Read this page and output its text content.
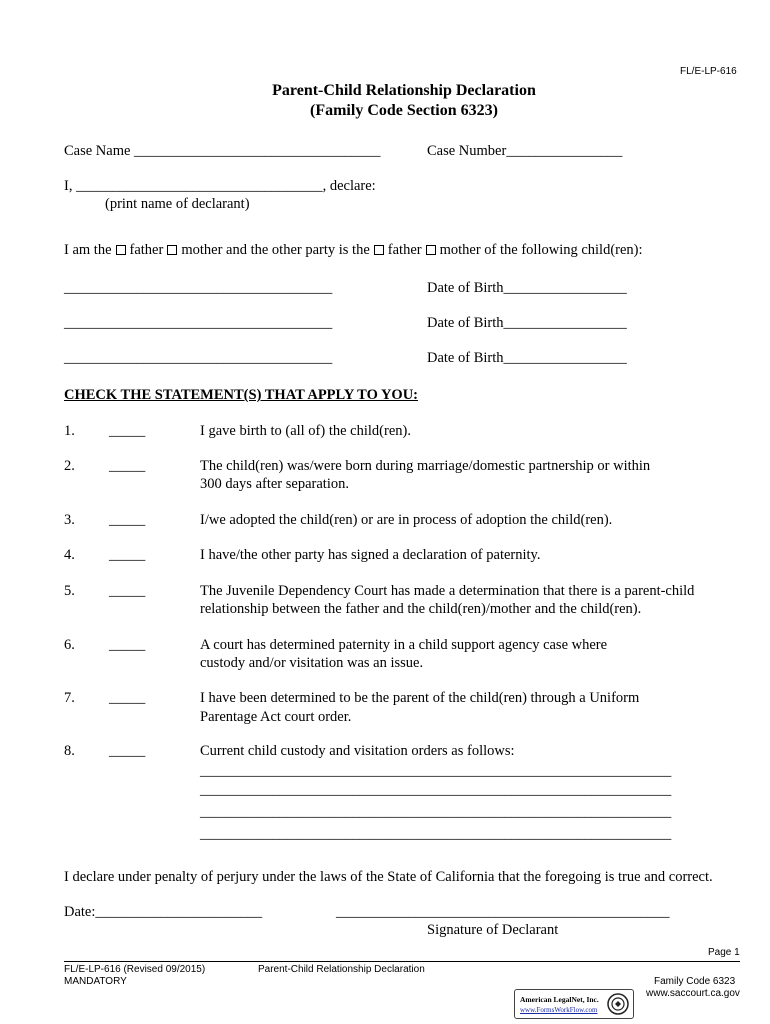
FL/E-LP-616
Parent-Child Relationship Declaration
(Family Code Section 6323)
Case Name __________________________________	Case Number________________
I, __________________________________, declare:
(print name of declarant)
I am the father mother and the other party is the father mother of the following child(ren):
_____________________________________	Date of Birth_________________
_____________________________________	Date of Birth_________________
_____________________________________	Date of Birth_________________
CHECK THE STATEMENT(S) THAT APPLY TO YOU:
1. _____	I gave birth to (all of) the child(ren).
2. _____	The child(ren) was/were born during marriage/domestic partnership or within
300 days after separation.
3. _____	I/we adopted the child(ren) or are in process of adoption the child(ren).
4. _____	I have/the other party has signed a declaration of paternity.
5. _____	The Juvenile Dependency Court has made a determination that there is a parent-child
relationship between the father and the child(ren)/mother and the child(ren).
6. _____	A court has determined paternity in a child support agency case where
custody and/or visitation was an issue.
7. _____	I have been determined to be the parent of the child(ren) through a Uniform
Parentage Act court order.
8. _____	Current child custody and visitation orders as follows:
_________________________________________________________________
_________________________________________________________________
_________________________________________________________________
_________________________________________________________________
I declare under penalty of perjury under the laws of the State of California that the foregoing is true and correct.
Date:_______________________	______________________________________________
Signature of Declarant
Page 1
FL/E-LP-616 (Revised 09/2015)
MANDATORY
Parent-Child Relationship Declaration
Family Code 6323
www.saccourt.ca.gov
American LegalNet, Inc.
www.FormsWorkFlow.com
